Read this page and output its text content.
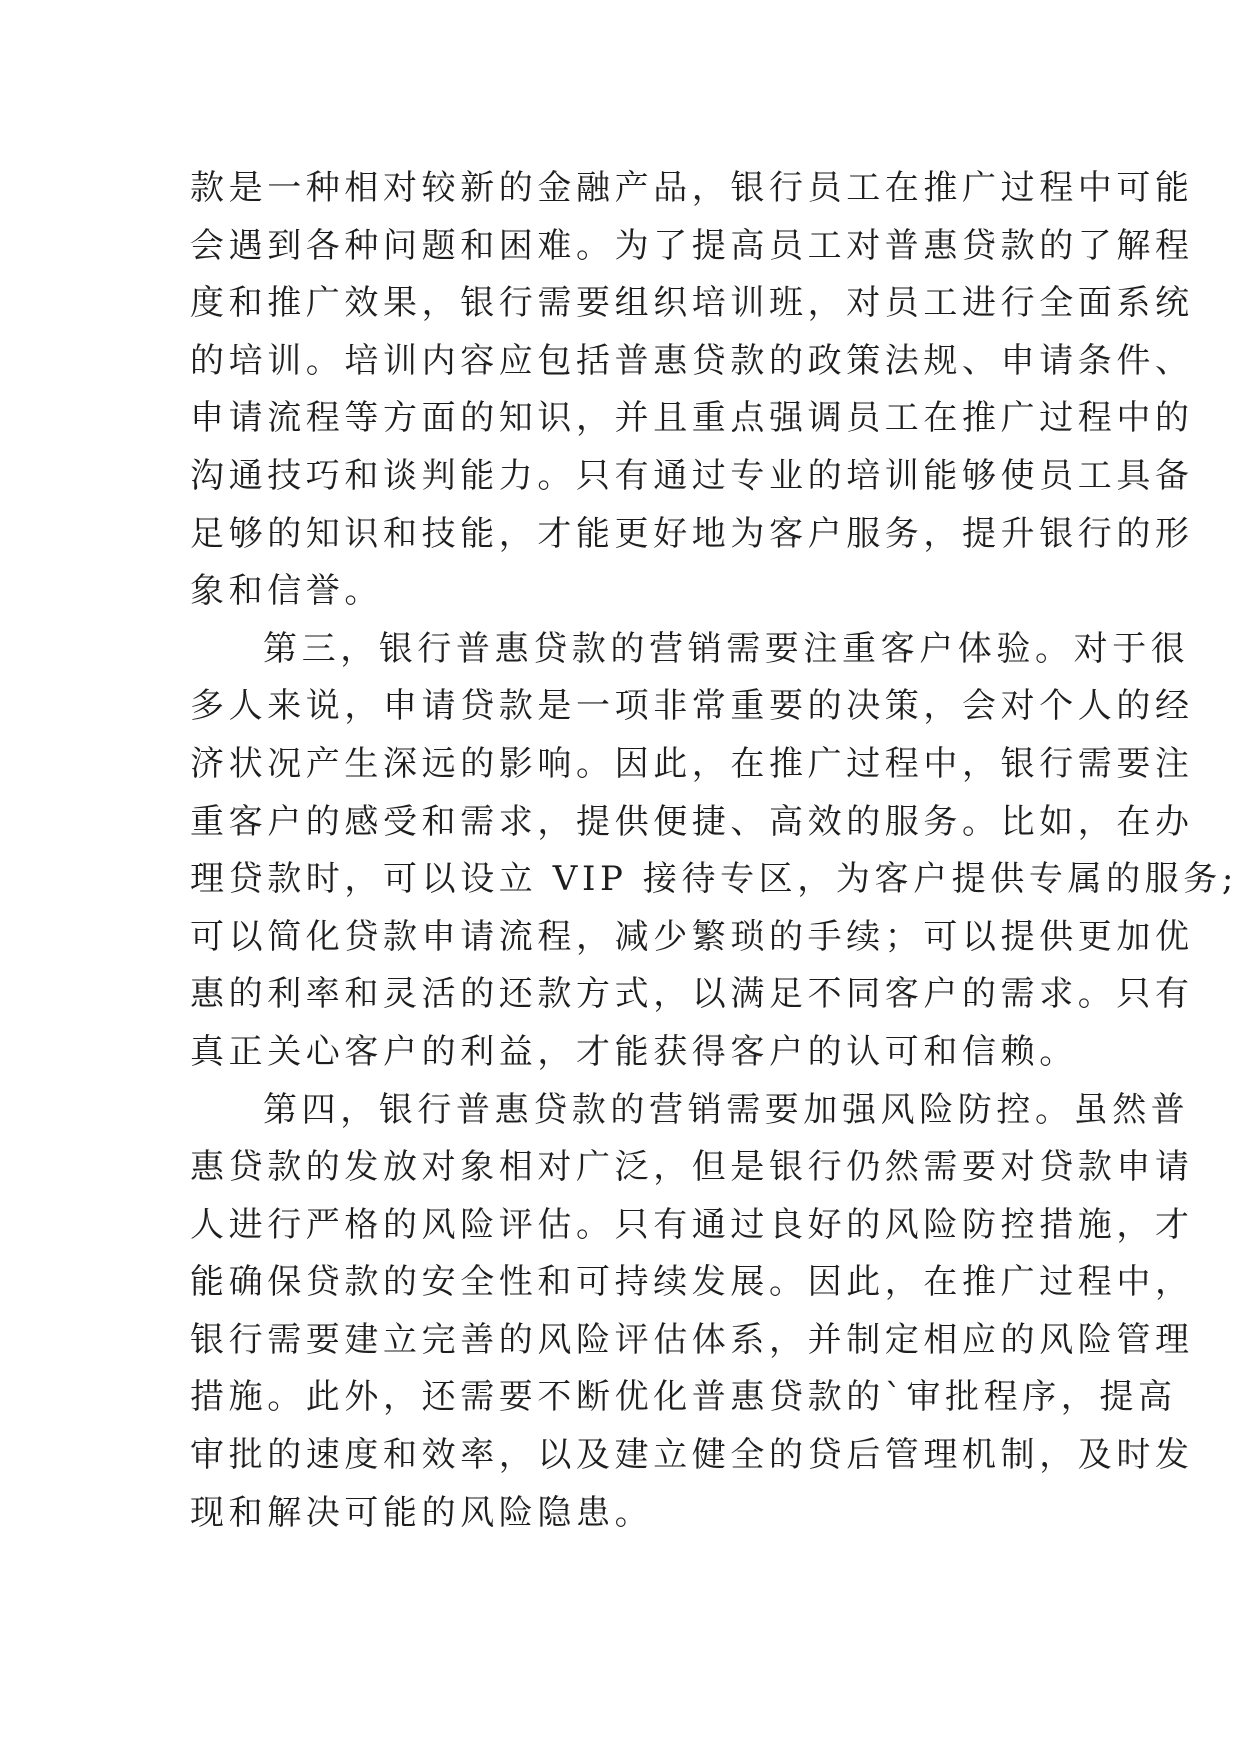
款是一种相对较新的金融产品，银行员工在推广过程中可能
会遇到各种问题和困难。为了提高员工对普惠贷款的了解程
度和推广效果，银行需要组织培训班，对员工进行全面系统
的培训。培训内容应包括普惠贷款的政策法规、申请条件、
申请流程等方面的知识，并且重点强调员工在推广过程中的
沟通技巧和谈判能力。只有通过专业的培训能够使员工具备
足够的知识和技能，才能更好地为客户服务，提升银行的形
象和信誉。
第三，银行普惠贷款的营销需要注重客户体验。对于很
多人来说，申请贷款是一项非常重要的决策，会对个人的经
济状况产生深远的影响。因此，在推广过程中，银行需要注
重客户的感受和需求，提供便捷、高效的服务。比如，在办
理贷款时，可以设立 VIP 接待专区，为客户提供专属的服务;
可以简化贷款申请流程，减少繁琐的手续；可以提供更加优
惠的利率和灵活的还款方式，以满足不同客户的需求。只有
真正关心客户的利益，才能获得客户的认可和信赖。
第四，银行普惠贷款的营销需要加强风险防控。虽然普
惠贷款的发放对象相对广泛，但是银行仍然需要对贷款申请
人进行严格的风险评估。只有通过良好的风险防控措施，才
能确保贷款的安全性和可持续发展。因此，在推广过程中，
银行需要建立完善的风险评估体系，并制定相应的风险管理
措施。此外，还需要不断优化普惠贷款的`审批程序，提高
审批的速度和效率，以及建立健全的贷后管理机制，及时发
现和解决可能的风险隐患。
